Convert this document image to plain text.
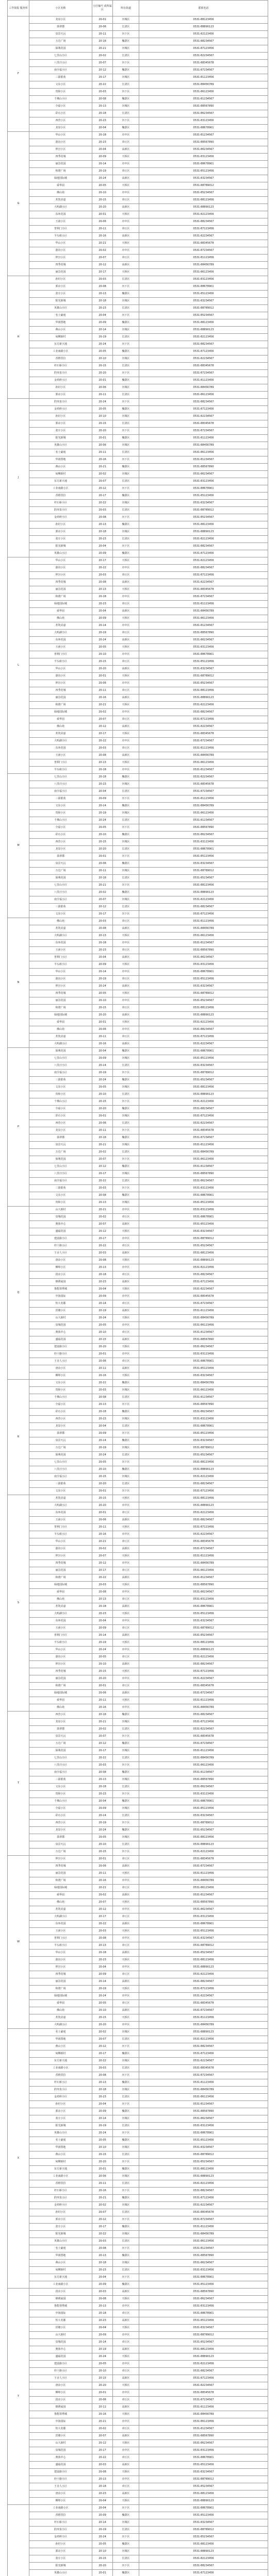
工作简报 服务所	小区名称	小区编号 或所属区	所在街道	联系电话
F	龙泉小区	20-01	历城区	0531-88123456
	翡翠郡	20-06	长清区	0531-88890123
	泉景天沅	20-11	历下区	0531-82123456
	万达广场	20-16	槐荫区	0531-88234567
	保利花园	20-21	历城区	0531-87123456
	七里山小区	20-02	长清区	0531-82234567
	八里洼小区	20-07	历下区	0531-88345678
	南全福小区	20-12	槐荫区	0531-87234567
	三箭银苑	20-17	历城区	0531-81123456
	文东小区	20-22	长清区	0531-88456789
	贵和小区	20-03	历下区	0531-86123456
	千佛山小区	20-08	槐荫区	0531-81234567
	全福小区	20-13	历城区	0531-88567890
	彩石小区	20-18	长清区	0531-86234567
	西营小区	20-23	历下区	0531-83123456
	龙泉小区	20-04	槐荫区	0531-88678901
G	华山小区	20-18	市中区	0531-81234567
	港沟小区	20-23	章丘区	0531-88567890
	仲宫小区	20-04	高新区	0531-86234567
	四季花城	20-09	天桥区	0531-83123456
	丽景花园	20-14	市中区	0531-88678901
	和谐广场	20-19	章丘区	0531-85123456
	绿地国际城	20-24	高新区	0531-83234567
	舜华园	20-05	天桥区	0531-88789012
	佛山苑	20-10	市中区	0531-85234567
	茗筑美嘉	20-15	章丘区	0531-88123456
	大明湖小区	20-20	高新区	0531-88890123
	东环花园	20-01	天桥区	0531-82123456
	玉函小区	20-06	市中区	0531-88234567
	普利门小区	20-11	章丘区	0531-87123456
	羊头峪小区	20-16	高新区	0531-82234567
	华山小区	20-21	天桥区	0531-88345678
	港沟小区	20-02	市中区	0531-87234567
	仲宫小区	20-07	章丘区	0531-81123456
	四季花城	20-12	高新区	0531-88456789
	丽景花园	20-17	天桥区	0531-86123456
H	孙村小区	20-03	长清区	0531-83123456
	郭店小区	20-08	历下区	0531-88678901
	张庄小区	20-13	槐荫区	0531-85123456
	阳光新城	20-18	历城区	0531-83234567
	英雄山小区	20-23	长清区	0531-88789012
	名士豪庭	20-04	历下区	0531-85234567
	华润置地	20-09	槐荫区	0531-88123456
	燕山小区	20-14	历城区	0531-88890123
	甸柳新村	20-19	长清区	0531-82123456
	东方新天地	20-24	历下区	0531-88234567
	工业南路小区	20-05	槐荫区	0531-87123456
	香格里拉	20-10	历城区	0531-82234567
	杆石桥小区	20-15	长清区	0531-88345678
	趵突泉小区	20-20	历下区	0531-87234567
	金鸡岭小区	20-01	槐荫区	0531-81123456
	孙村小区	20-06	历城区	0531-88456789
	郭店小区	20-11	长清区	0531-86123456
J	趵突泉小区	20-24	历下区	0531-88234567
	金鸡岭小区	20-05	槐荫区	0531-87123456
	孙村小区	20-10	历城区	0531-82234567
	郭店小区	20-15	长清区	0531-88345678
	张庄小区	20-20	历下区	0531-87234567
	阳光新城	20-01	槐荫区	0531-81123456
	英雄山小区	20-06	历城区	0531-88456789
	名士豪庭	20-11	长清区	0531-86123456
	华润置地	20-16	历下区	0531-81234567
	燕山小区	20-21	槐荫区	0531-88567890
	甸柳新村	20-02	历城区	0531-86234567
	东方新天地	20-07	长清区	0531-83123456
	工业南路小区	20-12	历下区	0531-88678901
	香格里拉	20-17	槐荫区	0531-85123456
	杆石桥小区	20-22	历城区	0531-83234567
	趵突泉小区	20-03	长清区	0531-88789012
	金鸡岭小区	20-08	历下区	0531-85234567
	孙村小区	20-13	槐荫区	0531-88123456
	郭店小区	20-18	历城区	0531-88890123
	张庄小区	20-23	长清区	0531-82123456
	阳光新城	20-04	历下区	0531-88234567
	英雄山小区	20-09	槐荫区	0531-87123456
L	华山小区	20-17	天桥区	0531-82123456
	港沟小区	20-22	市中区	0531-88234567
	仲宫小区	20-03	章丘区	0531-87123456
	四季花城	20-08	高新区	0531-82234567
	丽景花园	20-13	天桥区	0531-88345678
	和谐广场	20-18	市中区	0531-87234567
	绿地国际城	20-23	章丘区	0531-81123456
	舜华园	20-04	高新区	0531-88456789
	佛山苑	20-09	天桥区	0531-86123456
	茗筑美嘉	20-14	市中区	0531-81234567
	大明湖小区	20-19	章丘区	0531-88567890
	东环花园	20-24	高新区	0531-86234567
	玉函小区	20-05	天桥区	0531-83123456
	普利门小区	20-10	市中区	0531-88678901
	羊头峪小区	20-15	章丘区	0531-85123456
	华山小区	20-20	高新区	0531-83234567
	港沟小区	20-01	天桥区	0531-88789012
	仲宫小区	20-06	市中区	0531-85234567
	四季花城	20-11	章丘区	0531-88123456
	丽景花园	20-16	高新区	0531-88890123
	和谐广场	20-21	天桥区	0531-82123456
	绿地国际城	20-02	市中区	0531-88234567
	舜华园	20-07	章丘区	0531-87123456
	佛山苑	20-12	高新区	0531-82234567
	茗筑美嘉	20-17	天桥区	0531-88345678
	大明湖小区	20-22	市中区	0531-87234567
	东环花园	20-03	章丘区	0531-81123456
	玉函小区	20-08	高新区	0531-88456789
	普利门小区	20-13	天桥区	0531-86123456
	羊头峪小区	20-18	市中区	0531-81234567
M	七里山小区	20-18	槐荫区	0531-82234567
	八里洼小区	20-23	历城区	0531-88345678
	南全福小区	20-04	长清区	0531-87234567
	三箭银苑	20-09	历下区	0531-81123456
	文东小区	20-14	槐荫区	0531-88456789
	贵和小区	20-19	历城区	0531-86123456
	千佛山小区	20-24	长清区	0531-81234567
	全福小区	20-05	历下区	0531-88567890
	彩石小区	20-10	槐荫区	0531-86234567
	西营小区	20-15	历城区	0531-83123456
	龙泉小区	20-20	长清区	0531-88678901
	翡翠郡	20-01	历下区	0531-85123456
	泉景天沅	20-06	槐荫区	0531-83234567
	万达广场	20-11	历城区	0531-88789012
	保利花园	20-16	长清区	0531-85234567
	七里山小区	20-21	历下区	0531-88123456
	八里洼小区	20-02	槐荫区	0531-88890123
	南全福小区	20-07	历城区	0531-82123456
	三箭银苑	20-12	长清区	0531-88234567
	文东小区	20-17	历下区	0531-87123456
N	佛山苑	20-03	章丘区	0531-81123456
	茗筑美嘉	20-08	高新区	0531-88456789
	大明湖小区	20-13	天桥区	0531-86123456
	东环花园	20-18	市中区	0531-81234567
	玉函小区	20-23	章丘区	0531-88567890
	普利门小区	20-04	高新区	0531-86234567
	羊头峪小区	20-09	天桥区	0531-83123456
	华山小区	20-14	市中区	0531-88678901
	港沟小区	20-19	章丘区	0531-85123456
	仲宫小区	20-24	高新区	0531-83234567
	四季花城	20-05	天桥区	0531-88789012
	丽景花园	20-10	市中区	0531-85234567
	和谐广场	20-15	章丘区	0531-88123456
	绿地国际城	20-20	高新区	0531-88890123
	舜华园	20-01	天桥区	0531-82123456
	佛山苑	20-06	市中区	0531-88234567
	茗筑美嘉	20-11	章丘区	0531-87123456
	大明湖小区	20-16	高新区	0531-82234567
P	保利花园	20-04	槐荫区	0531-88678901
	七里山小区	20-09	历城区	0531-85123456
	八里洼小区	20-14	长清区	0531-83234567
	南全福小区	20-19	历下区	0531-88789012
	三箭银苑	20-24	槐荫区	0531-85234567
	文东小区	20-05	历城区	0531-88123456
	贵和小区	20-10	长清区	0531-88890123
	千佛山小区	20-15	历下区	0531-82123456
	全福小区	20-20	槐荫区	0531-88234567
	彩石小区	20-01	历城区	0531-87123456
	西营小区	20-06	长清区	0531-82234567
	龙泉小区	20-11	历下区	0531-88345678
	翡翠郡	20-16	槐荫区	0531-87234567
	泉景天沅	20-21	历城区	0531-81123456
	万达广场	20-02	长清区	0531-88456789
	保利花园	20-07	历下区	0531-86123456
	七里山小区	20-12	槐荫区	0531-81234567
	八里洼小区	20-17	历城区	0531-88567890
	南全福小区	20-22	长清区	0531-86234567
	三箭银苑	20-03	历下区	0531-83123456
	文东小区	20-08	槐荫区	0531-88678901
	贵和小区	20-13	历城区	0531-85123456
Q	山大新村	20-21	市中区	0531-83123456
	泉城花园	20-02	章丘区	0531-88678901
	奥体中心	20-07	高新区	0531-85123456
	盛福花园	20-12	天桥区	0531-83234567
	建设路小区	20-17	市中区	0531-88789012
	经十路小区	20-22	章丘区	0531-85234567
	王舍人小区	20-03	高新区	0531-88123456
	唐冶小区	20-08	天桥区	0531-88890123
	柳埠小区	20-13	市中区	0531-82123456
	段店小区	20-18	章丘区	0531-88234567
	锦绣家园	20-23	高新区	0531-87123456
	鲁能领秀城	20-04	天桥区	0531-82234567
	中海国际	20-09	市中区	0531-88345678
	恒大名都	20-14	章丘区	0531-87234567
	洪楼小区	20-19	高新区	0531-81123456
	山大新村	20-24	天桥区	0531-88456789
	泉城花园	20-05	市中区	0531-86123456
	奥体中心	20-10	章丘区	0531-81234567
	盛福花园	20-15	高新区	0531-88567890
	建设路小区	20-20	天桥区	0531-86234567
	经十路小区	20-01	市中区	0531-83123456
	王舍人小区	20-06	章丘区	0531-88678901
	唐冶小区	20-11	高新区	0531-85123456
	柳埠小区	20-16	天桥区	0531-83234567
R	文东小区	20-22	槐荫区	0531-88456789
	贵和小区	20-03	历城区	0531-86123456
	千佛山小区	20-08	长清区	0531-81234567
	全福小区	20-13	历下区	0531-88567890
	彩石小区	20-18	槐荫区	0531-86234567
	西营小区	20-23	历城区	0531-83123456
	龙泉小区	20-04	长清区	0531-88678901
	翡翠郡	20-09	历下区	0531-85123456
	泉景天沅	20-14	槐荫区	0531-83234567
	万达广场	20-19	历城区	0531-88789012
	保利花园	20-24	长清区	0531-85234567
	七里山小区	20-05	历下区	0531-88123456
	八里洼小区	20-10	槐荫区	0531-88890123
	南全福小区	20-15	历城区	0531-82123456
	三箭银苑	20-20	长清区	0531-88234567
	文东小区	20-01	历下区	0531-87123456
S	茗筑美嘉	20-15	天桥区	0531-88123456
	大明湖小区	20-20	市中区	0531-88890123
	东环花园	20-01	章丘区	0531-82123456
	玉函小区	20-06	高新区	0531-88234567
	普利门小区	20-11	天桥区	0531-87123456
	羊头峪小区	20-16	市中区	0531-82234567
	华山小区	20-21	章丘区	0531-88345678
	港沟小区	20-02	高新区	0531-87234567
	仲宫小区	20-07	天桥区	0531-81123456
	四季花城	20-12	市中区	0531-88456789
	丽景花园	20-17	章丘区	0531-86123456
	和谐广场	20-22	高新区	0531-81234567
	绿地国际城	20-03	天桥区	0531-88567890
	舜华园	20-08	市中区	0531-86234567
	佛山苑	20-13	章丘区	0531-83123456
	茗筑美嘉	20-18	高新区	0531-88678901
	大明湖小区	20-23	天桥区	0531-85123456
	东环花园	20-04	市中区	0531-83234567
	玉函小区	20-09	章丘区	0531-88789012
	普利门小区	20-14	高新区	0531-85234567
	羊头峪小区	20-19	天桥区	0531-88123456
	华山小区	20-24	市中区	0531-88890123
	港沟小区	20-05	章丘区	0531-82123456
	仲宫小区	20-10	高新区	0531-88234567
	四季花城	20-15	天桥区	0531-87123456
	丽景花园	20-20	市中区	0531-82234567
	和谐广场	20-01	章丘区	0531-88345678
	绿地国际城	20-06	高新区	0531-87234567
	舜华园	20-11	天桥区	0531-81123456
	佛山苑	20-16	市中区	0531-88456789
T	西营小区	20-16	槐荫区	0531-88234567
	龙泉小区	20-21	历城区	0531-87123456
	翡翠郡	20-02	长清区	0531-82234567
	泉景天沅	20-07	历下区	0531-88345678
	万达广场	20-12	槐荫区	0531-87234567
	保利花园	20-17	历城区	0531-81123456
	七里山小区	20-22	长清区	0531-88456789
	八里洼小区	20-03	历下区	0531-86123456
	南全福小区	20-08	槐荫区	0531-81234567
	三箭银苑	20-13	历城区	0531-88567890
	文东小区	20-18	长清区	0531-86234567
	贵和小区	20-23	历下区	0531-83123456
	千佛山小区	20-04	槐荫区	0531-88678901
	全福小区	20-09	历城区	0531-85123456
	彩石小区	20-14	长清区	0531-83234567
	西营小区	20-19	历下区	0531-88789012
	龙泉小区	20-24	槐荫区	0531-85234567
	翡翠郡	20-05	历城区	0531-88123456
	泉景天沅	20-10	长清区	0531-88890123
	万达广场	20-15	历下区	0531-82123456
W	仲宫小区	20-01	章丘区	0531-88345678
	四季花城	20-06	高新区	0531-87234567
	丽景花园	20-11	天桥区	0531-81123456
	和谐广场	20-16	市中区	0531-88456789
	绿地国际城	20-21	章丘区	0531-86123456
	舜华园	20-02	高新区	0531-81234567
	佛山苑	20-07	天桥区	0531-88567890
	茗筑美嘉	20-12	市中区	0531-86234567
	大明湖小区	20-17	章丘区	0531-83123456
	东环花园	20-22	高新区	0531-88678901
	玉函小区	20-03	天桥区	0531-85123456
	普利门小区	20-08	市中区	0531-83234567
	羊头峪小区	20-13	章丘区	0531-88789012
	华山小区	20-18	高新区	0531-85234567
	港沟小区	20-23	天桥区	0531-88123456
	仲宫小区	20-04	市中区	0531-88890123
	四季花城	20-09	章丘区	0531-82123456
	丽景花园	20-14	高新区	0531-88234567
	和谐广场	20-19	天桥区	0531-87123456
	绿地国际城	20-24	市中区	0531-82234567
	舜华园	20-05	章丘区	0531-88345678
	佛山苑	20-10	高新区	0531-87234567
	茗筑美嘉	20-15	天桥区	0531-81123456
	大明湖小区	20-20	市中区	0531-88456789
X	名士豪庭	20-02	历城区	0531-88890123
	华润置地	20-07	长清区	0531-82123456
	燕山小区	20-12	历下区	0531-88234567
	甸柳新村	20-17	槐荫区	0531-87123456
	东方新天地	20-22	历城区	0531-82234567
	工业南路小区	20-03	长清区	0531-88345678
	香格里拉	20-08	历下区	0531-87234567
	杆石桥小区	20-13	槐荫区	0531-81123456
	趵突泉小区	20-18	历城区	0531-88456789
	金鸡岭小区	20-23	长清区	0531-86123456
	孙村小区	20-04	历下区	0531-81234567
	郭店小区	20-09	槐荫区	0531-88567890
	张庄小区	20-14	历城区	0531-86234567
	阳光新城	20-19	长清区	0531-83123456
	英雄山小区	20-24	历下区	0531-88678901
	名士豪庭	20-05	槐荫区	0531-85123456
	华润置地	20-10	历城区	0531-83234567
	燕山小区	20-15	长清区	0531-88789012
	甸柳新村	20-20	历下区	0531-85234567
	东方新天地	20-01	槐荫区	0531-88123456
	工业南路小区	20-06	历城区	0531-88890123
	香格里拉	20-11	长清区	0531-82123456
	杆石桥小区	20-16	历下区	0531-88234567
	趵突泉小区	20-21	槐荫区	0531-87123456
	金鸡岭小区	20-02	历城区	0531-82234567
	孙村小区	20-07	长清区	0531-88345678
	郭店小区	20-12	历下区	0531-87234567
	张庄小区	20-17	槐荫区	0531-81123456
	阳光新城	20-22	历城区	0531-88456789
	英雄山小区	20-03	长清区	0531-86123456
	名士豪庭	20-08	历下区	0531-81234567
	华润置地	20-13	槐荫区	0531-88567890
	燕山小区	20-18	历城区	0531-86234567
	甸柳新村	20-23	长清区	0531-83123456
	东方新天地	20-04	历下区	0531-88678901
	工业南路小区	20-09	槐荫区	0531-85123456
Y	段店小区	20-03	高新区	0531-88567890
	锦绣家园	20-08	天桥区	0531-86234567
	鲁能领秀城	20-13	市中区	0531-83123456
	中海国际	20-18	章丘区	0531-88678901
	恒大名都	20-23	高新区	0531-85123456
	洪楼小区	20-04	天桥区	0531-83234567
	山大新村	20-09	市中区	0531-88789012
	泉城花园	20-14	章丘区	0531-85234567
	奥体中心	20-19	高新区	0531-88123456
	盛福花园	20-24	天桥区	0531-88890123
	建设路小区	20-05	市中区	0531-82123456
	经十路小区	20-10	章丘区	0531-88234567
	王舍人小区	20-15	高新区	0531-87123456
	唐冶小区	20-20	天桥区	0531-82234567
	柳埠小区	20-01	市中区	0531-88345678
	段店小区	20-06	章丘区	0531-87234567
	锦绣家园	20-11	高新区	0531-81123456
	鲁能领秀城	20-16	天桥区	0531-88456789
	中海国际	20-21	市中区	0531-86123456
	恒大名都	20-02	章丘区	0531-81234567
	洪楼小区	20-07	高新区	0531-88567890
	山大新村	20-12	天桥区	0531-86234567
	泉城花园	20-17	市中区	0531-83123456
	奥体中心	20-22	章丘区	0531-88678901
	盛福花园	20-03	高新区	0531-85123456
	建设路小区	20-08	天桥区	0531-83234567
	经十路小区	20-13	市中区	0531-88789012
	王舍人小区	20-18	章丘区	0531-85234567
	唐冶小区	20-23	高新区	0531-88123456
	柳埠小区	20-04	天桥区	0531-88890123
	工业南路小区	20-04	历下区	0531-88678901
	香格里拉	20-09	槐荫区	0531-85123456
	杆石桥小区	20-14	历城区	0531-83234567
	趵突泉小区	20-19	长清区	0531-88789012
	金鸡岭小区	20-24	历下区	0531-85234567
	孙村小区	20-05	槐荫区	0531-88123456
	郭店小区	20-10	历城区	0531-88890123
	张庄小区	20-15	长清区	0531-82123456
	阳光新城	20-20	历下区	0531-88234567
	英雄山小区	20-01	槐荫区	0531-87123456
